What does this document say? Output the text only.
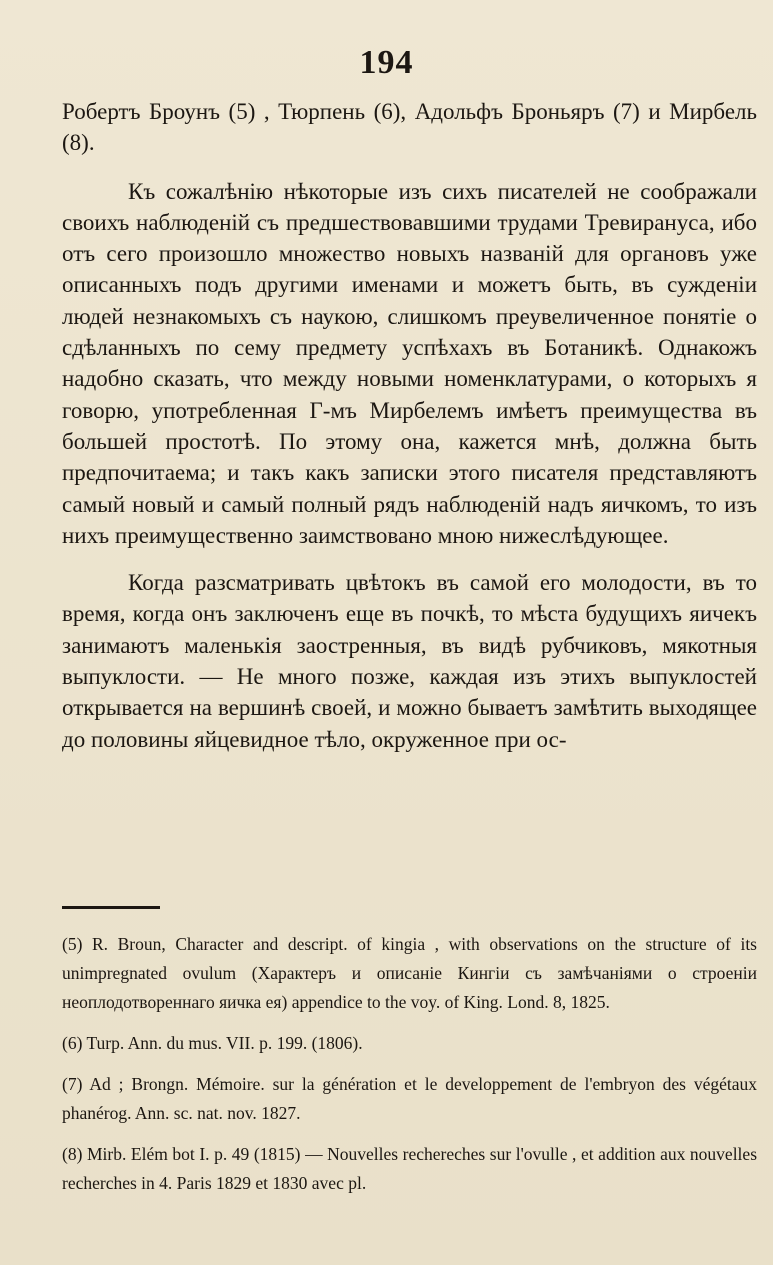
194

Робертъ Броунъ (5) , Тюрпень (6), Адольфъ Броньяръ (7) и Мирбель (8).

Къ сожалѣнію нѣкоторые изъ сихъ писателей не соображали своихъ наблюденій съ предшествовавшими трудами Тревирануса, ибо отъ сего произошло множество новыхъ названій для органовъ уже описанныхъ подъ другими именами и можетъ быть, въ сужденіи людей незнакомыхъ съ наукою, слишкомъ преувеличенное понятіе о сдѣланныхъ по сему предмету успѣхахъ въ Ботаникѣ. Однакожъ надобно сказать, что между новыми номенклатурами, о которыхъ я говорю, употребленная Г-мъ Мирбелемъ имѣетъ преимущества въ большей простотѣ. По этому она, кажется мнѣ, должна быть предпочитаема; и такъ какъ записки этого писателя представляютъ самый новый и самый полный рядъ наблюденій надъ яичкомъ, то изъ нихъ преимущественно заимствовано мною нижеслѣдующее.

Когда разсматривать цвѣтокъ въ самой его молодости, въ то время, когда онъ заключенъ еще въ почкѣ, то мѣста будущихъ яичекъ занимаютъ маленькія заостренныя, въ видѣ рубчиковъ, мякотныя выпуклости. — Не много позже, каждая изъ этихъ выпуклостей открывается на вершинѣ своей, и можно бываетъ замѣтить выходящее до половины яйцевидное тѣло, окруженное при ос-

(5) R. Broun, Character and descript. of kingia , with observations on the structure of its unimpregnated ovulum (Характеръ и описаніе Кингіи съ замѣчаніями о строеніи неоплодотвореннаго яичка ея) appendice to the voy. of King. Lond. 8, 1825.

(6) Turp. Ann. du mus. VII. p. 199. (1806).

(7) Ad ; Brongn. Mémoire. sur la génération et le developpement de l'embryon des végétaux phanérog. Ann. sc. nat. nov. 1827.

(8) Mirb. Elém bot I. p. 49 (1815) — Nouvelles rechereches sur l'ovulle , et addition aux nouvelles recherches in 4. Paris 1829 et 1830 avec pl.
